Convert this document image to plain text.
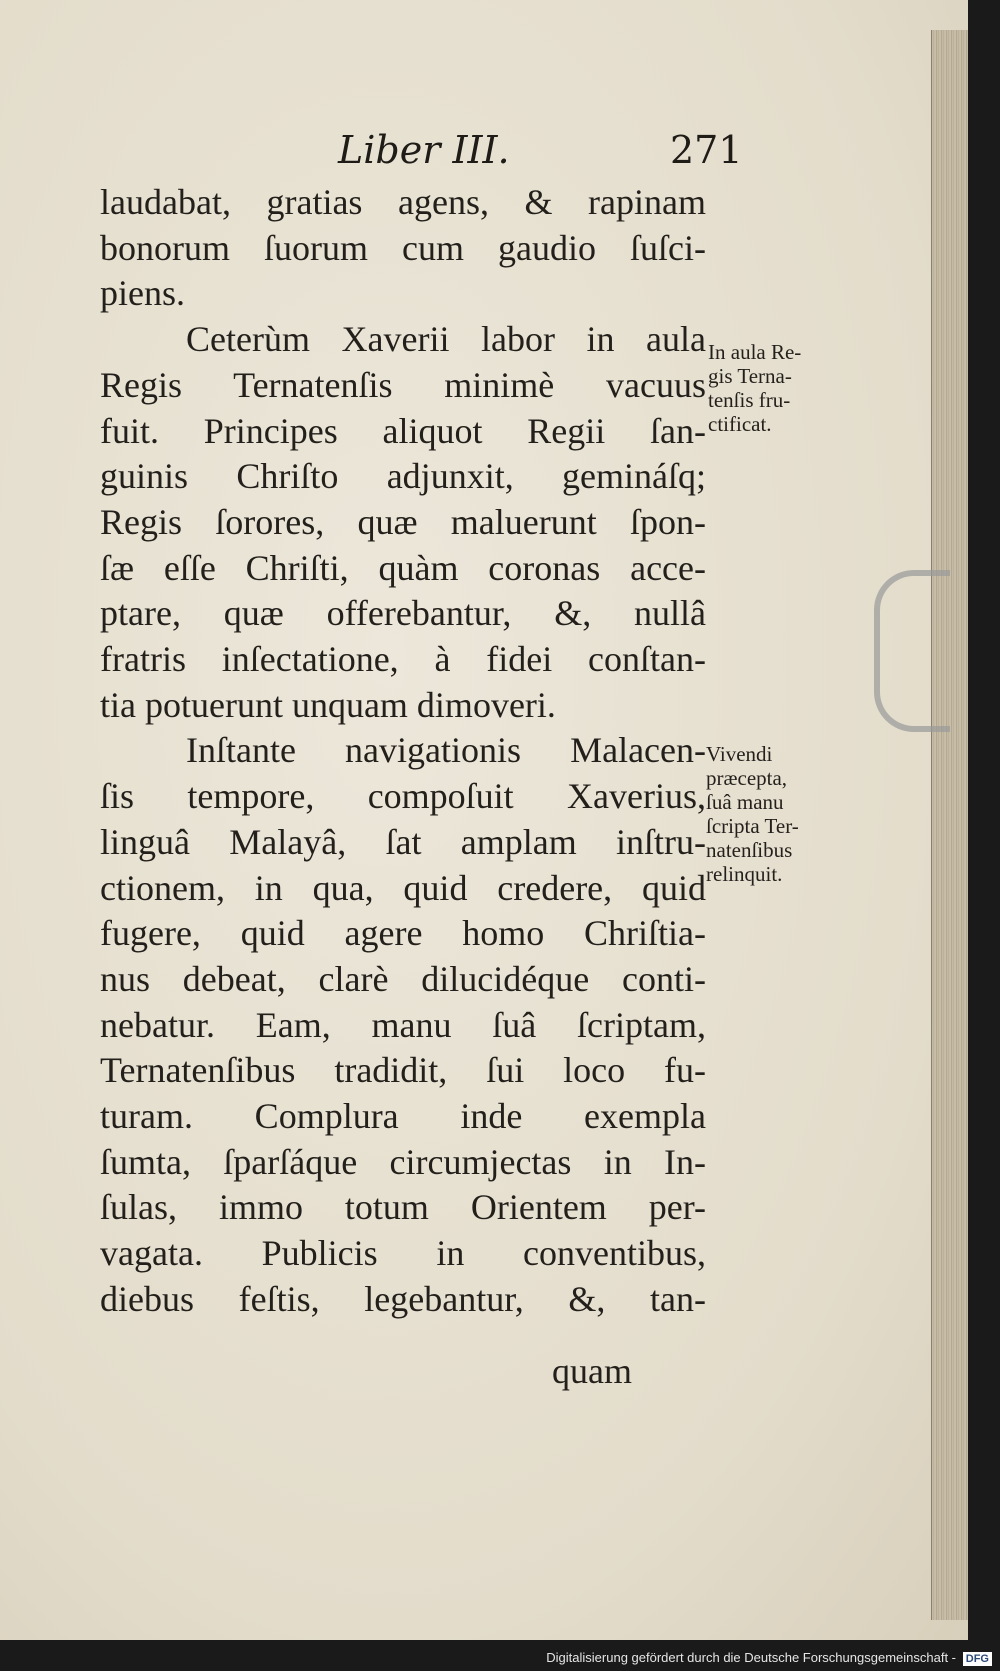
Liber III.	271
laudabat, gratias agens, & rapinam
bonorum ſuorum cum gaudio ſuſci-
piens.
Ceterùm Xaverii labor in aula
Regis Ternatenſis minimè vacuus
fuit. Principes aliquot Regii ſan-
guinis Chriſto adjunxit, gemináſq;
Regis ſorores, quæ maluerunt ſpon-
ſæ eſſe Chriſti, quàm coronas acce-
ptare, quæ offerebantur, &, nullâ
fratris inſectatione, à fidei conſtan-
tia potuerunt unquam dimoveri.
Inſtante navigationis Malacen-
ſis tempore, compoſuit Xaverius,
linguâ Malayâ, ſat amplam inſtru-
ctionem, in qua, quid credere, quid
fugere, quid agere homo Chriſtia-
nus debeat, clarè dilucidéque conti-
nebatur. Eam, manu ſuâ ſcriptam,
Ternatenſibus tradidit, ſui loco fu-
turam. Complura inde exempla
ſumta, ſparſáque circumjectas in In-
ſulas, immo totum Orientem per-
vagata. Publicis in conventibus,
diebus feſtis, legebantur, &, tan-
quam
In aula Re-
gis Terna-
tenſis fru-
ctificat.
Vivendi
præcepta,
ſuâ manu
ſcripta Ter-
natenſibus
relinquit.
Digitalisierung gefördert durch die Deutsche Forschungsgemeinschaft - DFG
